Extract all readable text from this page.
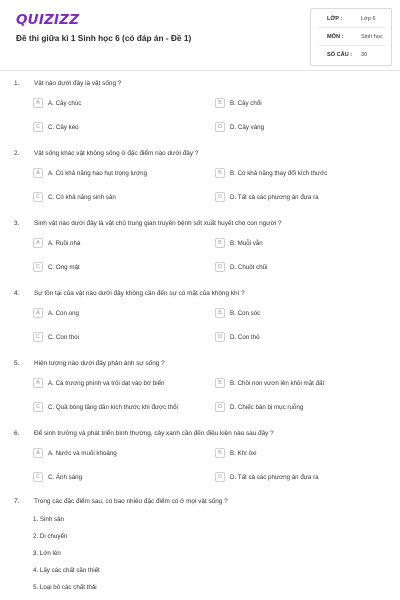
QUIZIZZ
Đề thi giữa kì 1 Sinh học 6 (có đáp án - Đề 1)
LỚP :	Lớp 6
MÔN :	Sinh học
SỐ CÂU : 30
1. Vật nào dưới đây là vật sống ?
A	A. Cây chúc	B	B. Cây chổi
C	C. Cây kéo	D	D. Cây vàng
2. Vật sống khác vật không sống ở đặc điểm nào dưới đây ?
A	A. Có khả năng hao hụt trọng lượng	B	B. Có khả năng thay đổi kích thước
C	C. Có khả năng sinh sản	D	D. Tất cả các phương án đưa ra
3. Sinh vật nào dưới đây là vật chủ trung gian truyền bệnh sốt xuất huyết cho con người ?
A	A. Ruồi nhà	B	B. Muỗi vằn
C	C. Ong mật	D	D. Chuột chũi
4. Sự tồn tại của vật nào dưới đây không cần đến sự có mặt của không khí ?
A	A. Con ong	B	B. Con sóc
C	C. Con thoi	D	D. Con thỏ
5. Hiện tượng nào dưới đây phản ánh sự sống ?
A	A. Cá trương phình và trôi dạt vào bờ biển	B	B. Chồi non vươn lên khỏi mặt đất
C	C. Quả bóng tăng dần kích thước khi được thổi	D	D. Chiếc bàn bị mục ruỗng
6. Để sinh trưởng và phát triển bình thường, cây xanh cần đến điều kiện nào sau đây ?
A	A. Nước và muối khoáng	B	B. Khí ôxi
C	C. Ánh sáng	D	D. Tất cả các phương án đưa ra
7. Trong các đặc điểm sau, có bao nhiêu đặc điểm có ở mọi vật sống ?
1. Sinh sản
2. Di chuyển
3. Lớn lên
4. Lấy các chất cần thiết
5. Loại bỏ các chất thải
